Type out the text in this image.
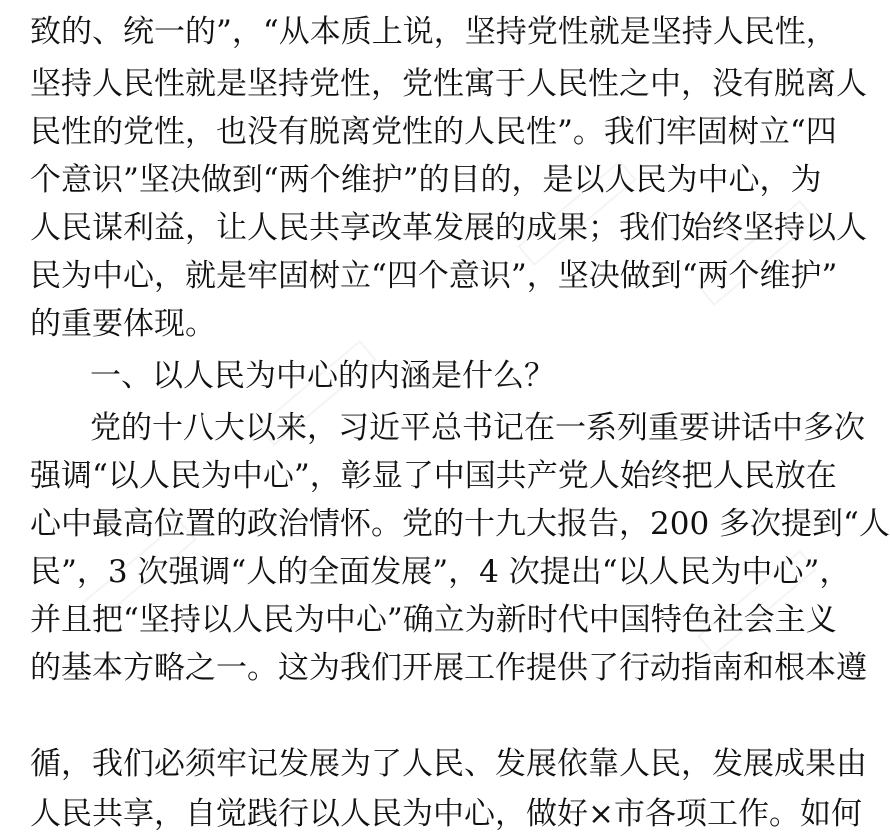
致的、统一的”，“从本质上说，坚持党性就是坚持人民性，
坚持人民性就是坚持党性，党性寓于人民性之中，没有脱离人
民性的党性，也没有脱离党性的人民性”。我们牢固树立“四
个意识”坚决做到“两个维护”的目的，是以人民为中心，为
人民谋利益，让人民共享改革发展的成果；我们始终坚持以人
民为中心，就是牢固树立“四个意识”，坚决做到“两个维护”
的重要体现。
一、以人民为中心的内涵是什么？
党的十八大以来，习近平总书记在一系列重要讲话中多次
强调“以人民为中心”，彰显了中国共产党人始终把人民放在
心中最高位置的政治情怀。党的十九大报告，200 多次提到“人
民”，3 次强调“人的全面发展”，4 次提出“以人民为中心”，
并且把“坚持以人民为中心”确立为新时代中国特色社会主义
的基本方略之一。这为我们开展工作提供了行动指南和根本遵
循，我们必须牢记发展为了人民、发展依靠人民，发展成果由
人民共享，自觉践行以人民为中心，做好×市各项工作。如何
